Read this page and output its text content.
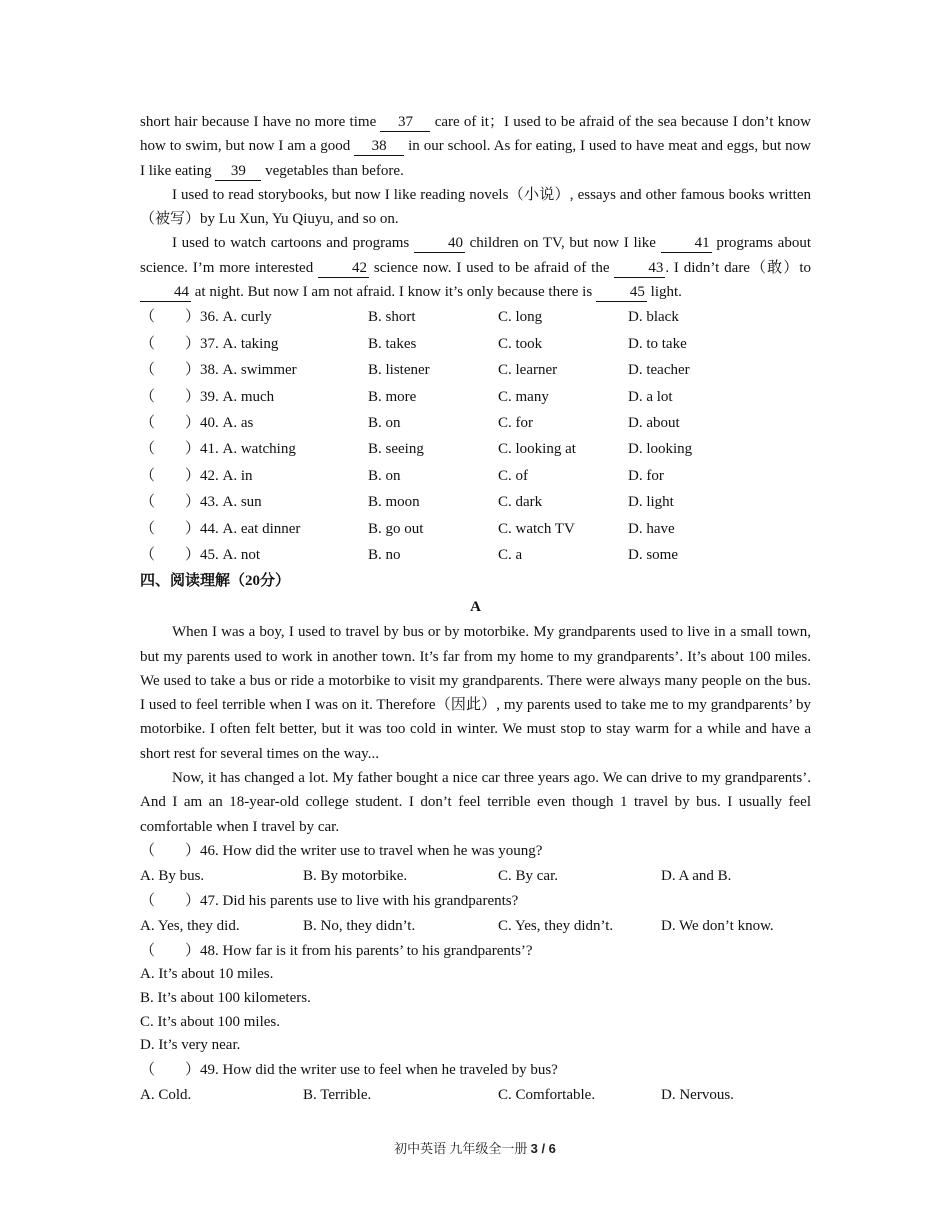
short hair because I have no more time 37 care of it；I used to be afraid of the sea because I don’t know how to swim, but now I am a good 38 in our school. As for eating, I used to have meat and eggs, but now I like eating 39 vegetables than before.

I used to read storybooks, but now I like reading novels（小说）, essays and other famous books written（被写）by Lu Xun, Yu Qiuyu, and so on.

I used to watch cartoons and programs 40 children on TV, but now I like 41 programs about science. I’m more interested 42 science now. I used to be afraid of the 43 . I didn’t dare（敢）to 44 at night. But now I am not afraid. I know it’s only because there is 45 light.

（　　）36. A. curly	B. short	C. long	D. black
（　　）37. A. taking	B. takes	C. took	D. to take
（　　）38. A. swimmer	B. listener	C. learner	D. teacher
（　　）39. A. much	B. more	C. many	D. a lot
（　　）40. A. as	B. on	C. for	D. about
（　　）41. A. watching	B. seeing	C. looking at	D. looking
（　　）42. A. in	B. on	C. of	D. for
（　　）43. A. sun	B. moon	C. dark	D. light
（　　）44. A. eat dinner	B. go out	C. watch TV	D. have
（　　）45. A. not	B. no	C. a	D. some

四、阅读理解（20分）

A

When I was a boy, I used to travel by bus or by motorbike. My grandparents used to live in a small town, but my parents used to work in another town. It’s far from my home to my grandparents’. It’s about 100 miles. We used to take a bus or ride a motorbike to visit my grandparents. There were always many people on the bus. I used to feel terrible when I was on it. Therefore（因此）, my parents used to take me to my grandparents’ by motorbike. I often felt better, but it was too cold in winter. We must stop to stay warm for a while and have a short rest for several times on the way...

Now, it has changed a lot. My father bought a nice car three years ago. We can drive to my grandparents’. And I am an 18-year-old college student. I don’t feel terrible even though 1 travel by bus. I usually feel comfortable when I travel by car.

（　　）46. How did the writer use to travel when he was young?

A. By bus.	B. By motorbike.	C. By car.	D. A and B.

（　　）47. Did his parents use to live with his grandparents?

A. Yes, they did.	B. No, they didn’t.	C. Yes, they didn’t.	D. We don’t know.

（　　）48. How far is it from his parents’ to his grandparents’?

A. It’s about 10 miles.

B. It’s about 100 kilometers.

C. It’s about 100 miles.

D. It’s very near.

（　　）49. How did the writer use to feel when he traveled by bus?

A. Cold.	B. Terrible.	C. Comfortable.	D. Nervous.
初中英语 九年级全一册 3 / 6
